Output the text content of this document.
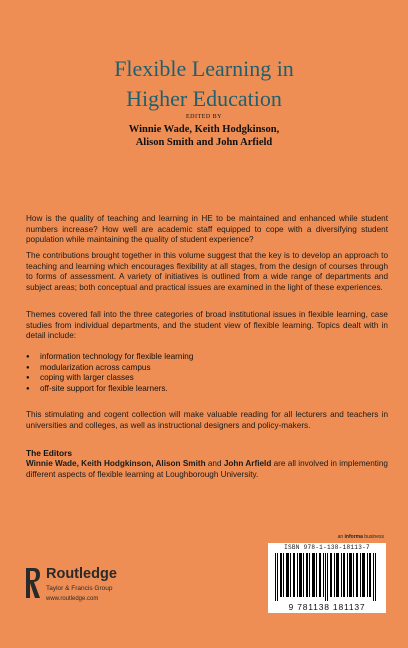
Flexible Learning in
Higher Education
EDITED BY
Winnie Wade, Keith Hodgkinson,
Alison Smith and John Arfield
How is the quality of teaching and learning in HE to be maintained and enhanced while student numbers increase? How well are academic staff equipped to cope with a diversifying student population while maintaining the quality of student experience?
The contributions brought together in this volume suggest that the key is to develop an approach to teaching and learning which encourages flexibility at all stages, from the design of courses through to forms of assessment. A variety of initiatives is outlined from a wide range of departments and subject areas; both conceptual and practical issues are examined in the light of these experiences.
Themes covered fall into the three categories of broad institutional issues in flexible learning, case studies from individual departments, and the student view of flexible learning. Topics dealt with in detail include:
● information technology for flexible learning
● modularization across campus
● coping with larger classes
● off-site support for flexible learners.
This stimulating and cogent collection will make valuable reading for all lecturers and teachers in universities and colleges, as well as instructional designers and policy-makers.
The Editors
Winnie Wade, Keith Hodgkinson, Alison Smith and John Arfield are all involved in implementing different aspects of flexible learning at Loughborough University.
an informa business
ISBN 978-1-138-18113-7
9 781138 181137
Routledge
Taylor & Francis Group
www.routledge.com
